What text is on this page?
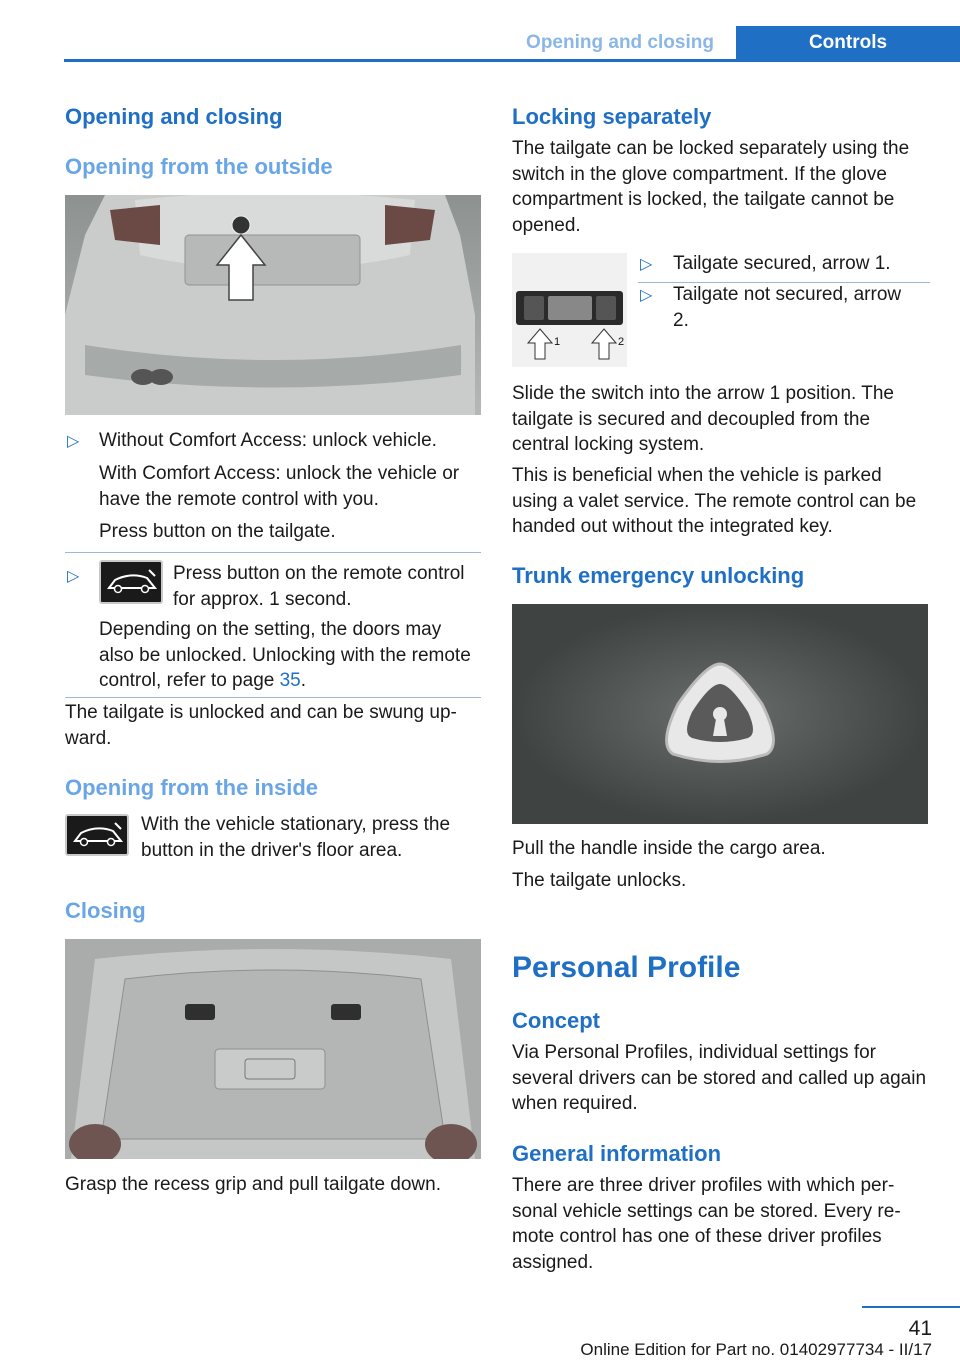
Opening and closing	Controls
Opening and closing
Opening from the outside
▷ Without Comfort Access: unlock vehicle.
With Comfort Access: unlock the vehicle or have the remote control with you.
Press button on the tailgate.
▷	Press button on the remote control for approx. 1 second.
Depending on the setting, the doors may also be unlocked. Unlocking with the remote control, refer to page 35.
The tailgate is unlocked and can be swung upward.
Opening from the inside
With the vehicle stationary, press the button in the driver's floor area.
Closing
Grasp the recess grip and pull tailgate down.
Locking separately
The tailgate can be locked separately using the switch in the glove compartment. If the glove compartment is locked, the tailgate cannot be opened.
1	2
▷ Tailgate secured, arrow 1.
▷ Tailgate not secured, arrow 2.
Slide the switch into the arrow 1 position. The tailgate is secured and decoupled from the central locking system.
This is beneficial when the vehicle is parked using a valet service. The remote control can be handed out without the integrated key.
Trunk emergency unlocking
Pull the handle inside the cargo area.
The tailgate unlocks.
Personal Profile
Concept
Via Personal Profiles, individual settings for several drivers can be stored and called up again when required.
General information
There are three driver profiles with which personal vehicle settings can be stored. Every remote control has one of these driver profiles assigned.
41
Online Edition for Part no. 01402977734 - II/17
